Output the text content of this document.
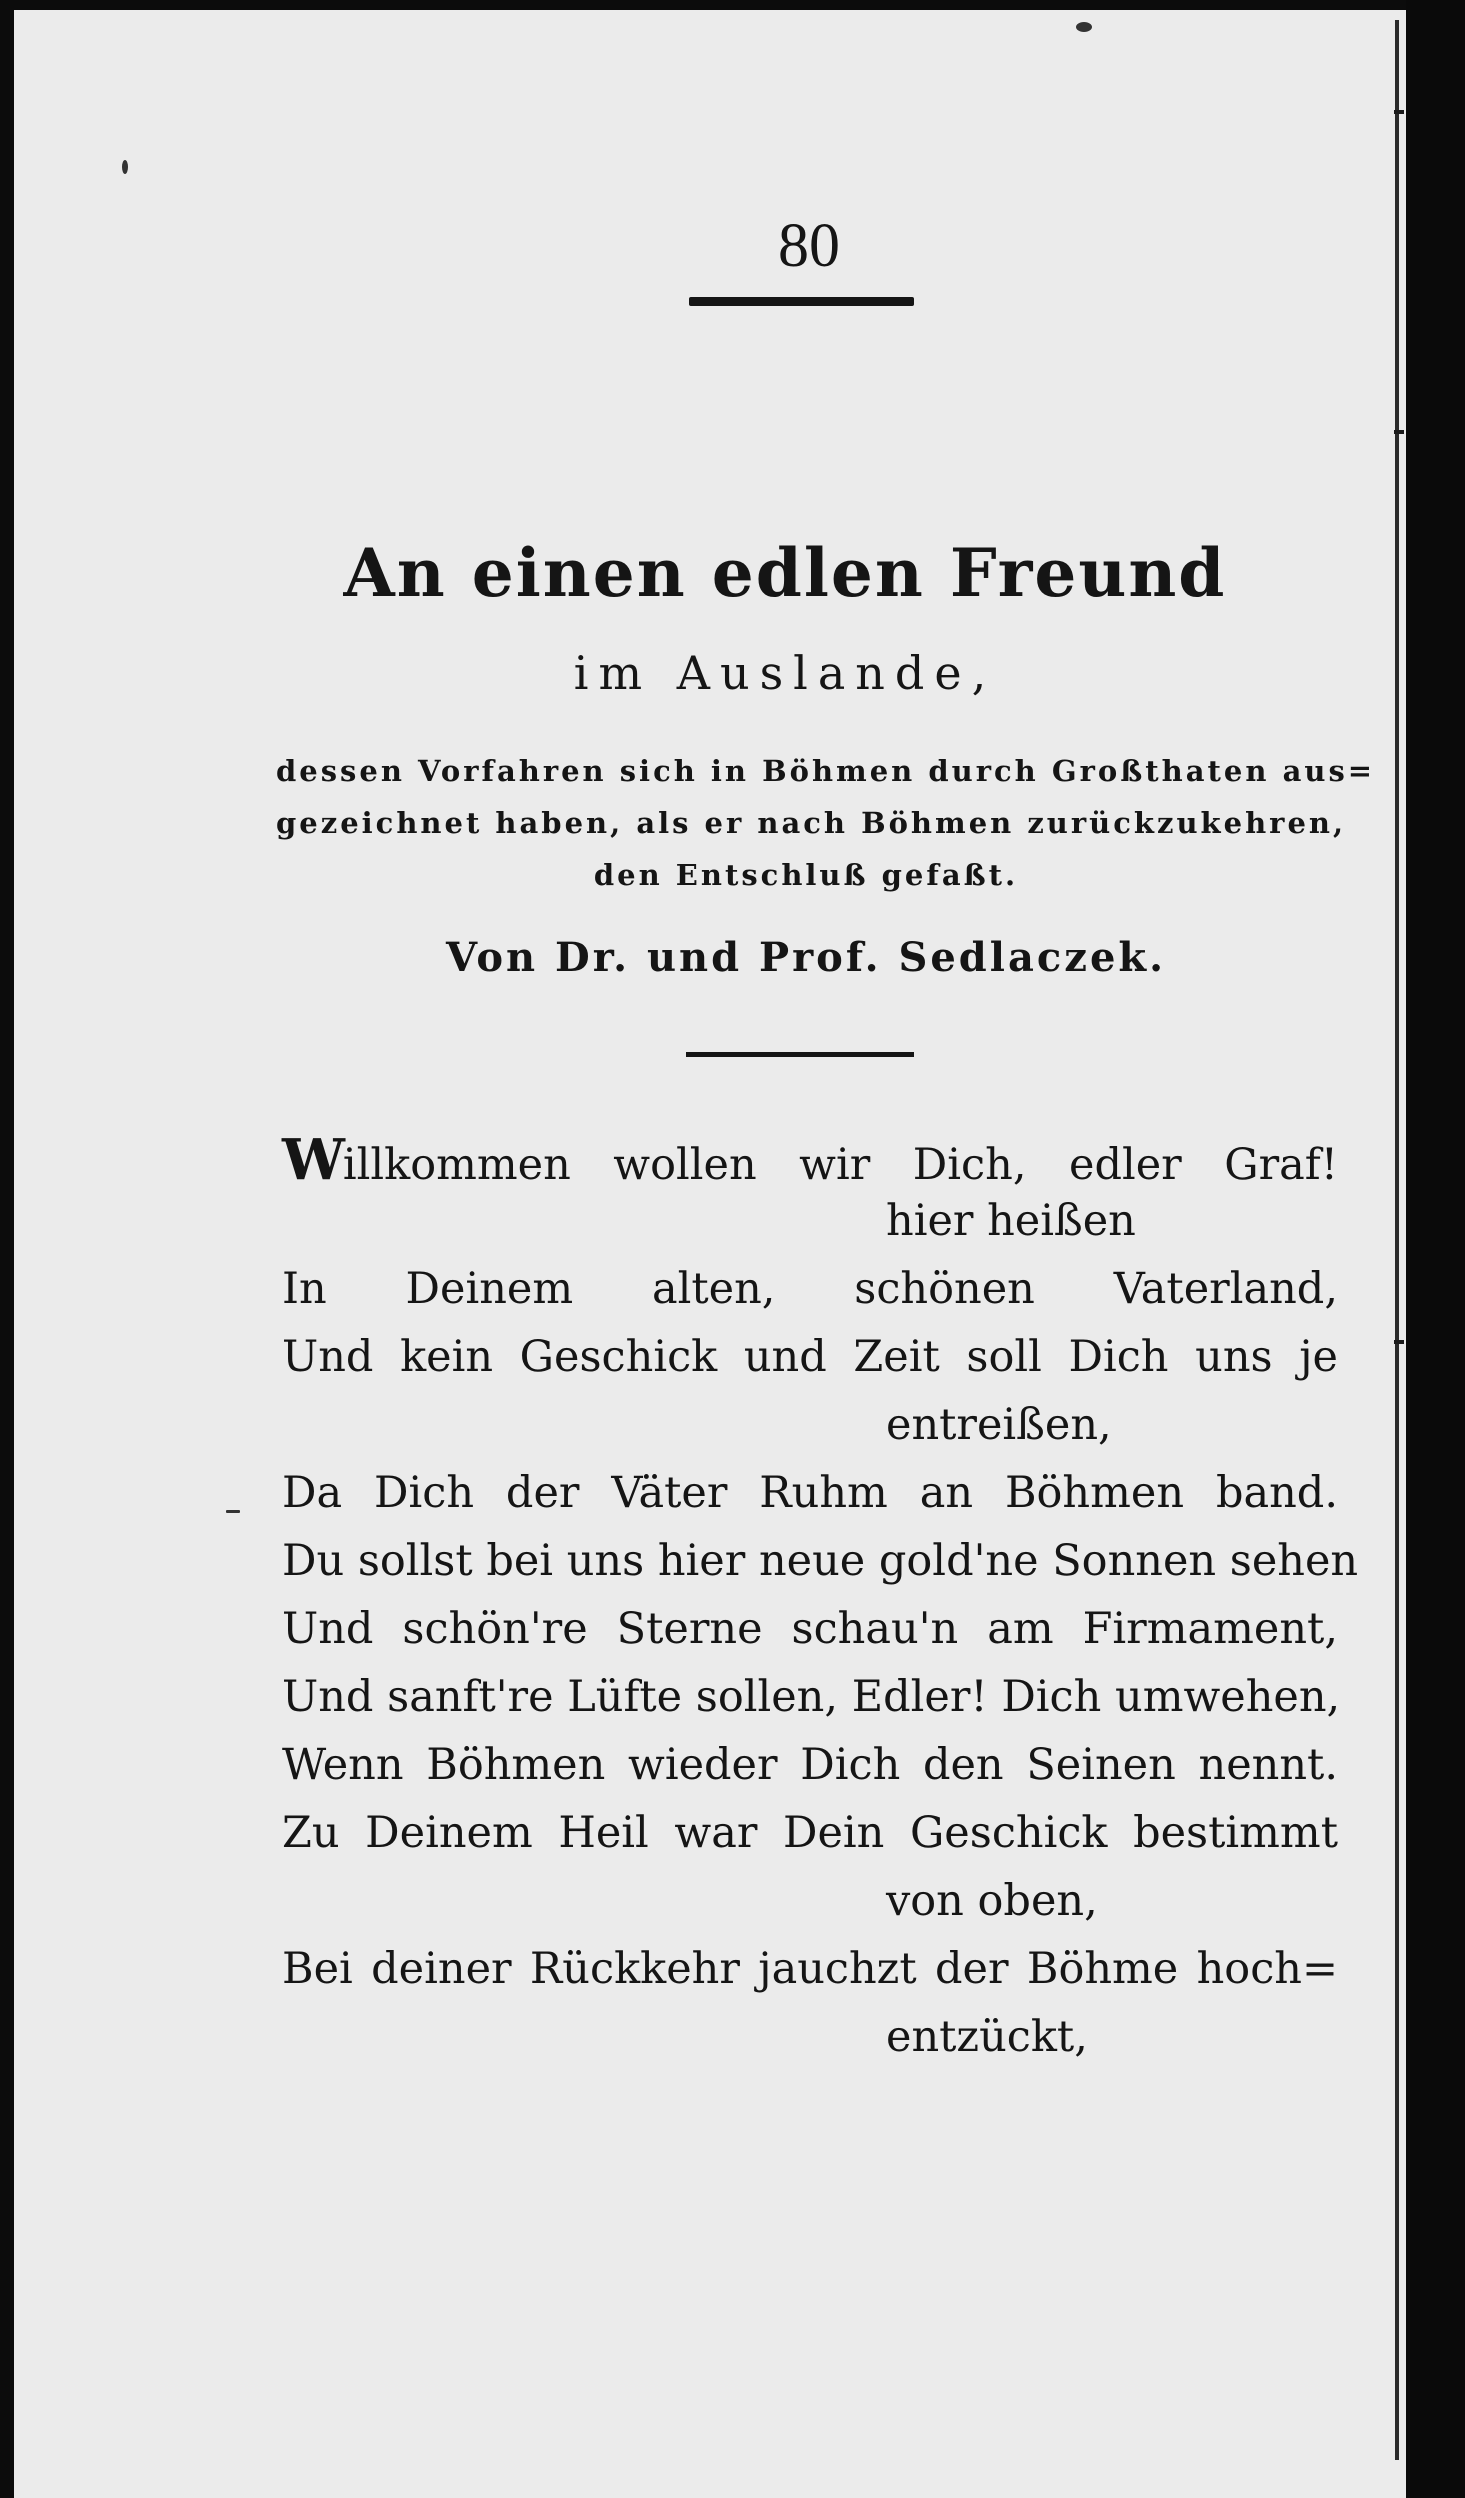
80
An einen edlen Freund
im Auslande,
dessen Vorfahren sich in Böhmen durch Großthaten aus=
gezeichnet haben, als er nach Böhmen zurückzukehren,
den Entschluß gefaßt.
Von Dr. und Prof. Sedlaczek.
Willkommen wollen wir Dich, edler Graf!
hier heißen
In Deinem alten, schönen Vaterland,
Und kein Geschick und Zeit soll Dich uns je
entreißen,
Da Dich der Väter Ruhm an Böhmen band.
Du sollst bei uns hier neue gold'ne Sonnen sehen
Und schön're Sterne schau'n am Firmament,
Und sanft're Lüfte sollen, Edler! Dich umwehen,
Wenn Böhmen wieder Dich den Seinen nennt.
Zu Deinem Heil war Dein Geschick bestimmt
von oben,
Bei deiner Rückkehr jauchzt der Böhme hoch=
entzückt,
